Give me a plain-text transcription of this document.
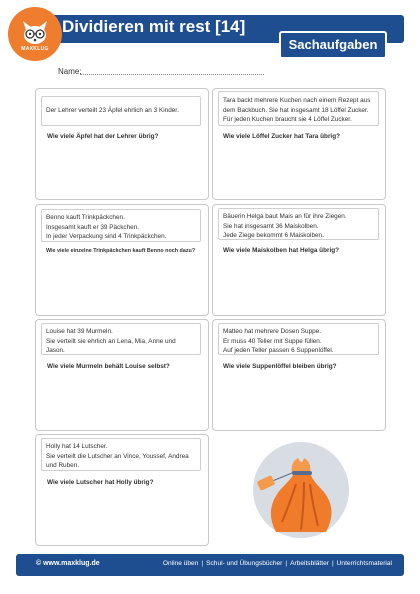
Dividieren mit rest [14]
MAXKLUG	Sachaufgaben
Name:
Der Lehrer verteilt 23 Äpfel ehrlich an 3 Kinder.
Wie viele Äpfel hat der Lehrer übrig?
Tara backt mehrere Kuchen nach einem Rezept aus
dem Backbuch. Sie hat insgesamt 18 Löffel Zucker.
Für jeden Kuchen braucht sie 4 Löffel Zucker.
Wie viele Löffel Zucker hat Tara übrig?
Benno kauft Trinkpäckchen.
Insgesamt kauft er 39 Päckchen.
In jeder Verpackung sind 4 Trinkpäckchen.
Wie viele einzelne Trinkpäckchen kauft Benno noch dazu?
Bäuerin Helga baut Mais an für ihre Ziegen.
Sie hat insgesamt 36 Maiskolben.
Jede Ziege bekommt 6 Maiskolben.
Wie viele Maiskolben hat Helga übrig?
Louise hat 39 Murmeln.
Sie verteilt sie ehrlich an Lena, Mia, Anne und
Jason.
Wie viele Murmeln behält Louise selbst?
Matteo hat mehrere Dosen Suppe.
Er muss 40 Teller mit Suppe füllen.
Auf jeden Teller passen 6 Suppenlöffel.
Wie viele Suppenlöffel bleiben übrig?
Holly hat 14 Lutscher.
Sie verteilt die Lutscher an Vince, Youssef, Andrea
und Ruben.
Wie viele Lutscher hat Holly übrig?
© www.maxklug.de	Online üben | Schul- und Übungsbücher | Arbeitsblätter | Unterrichtsmaterial
